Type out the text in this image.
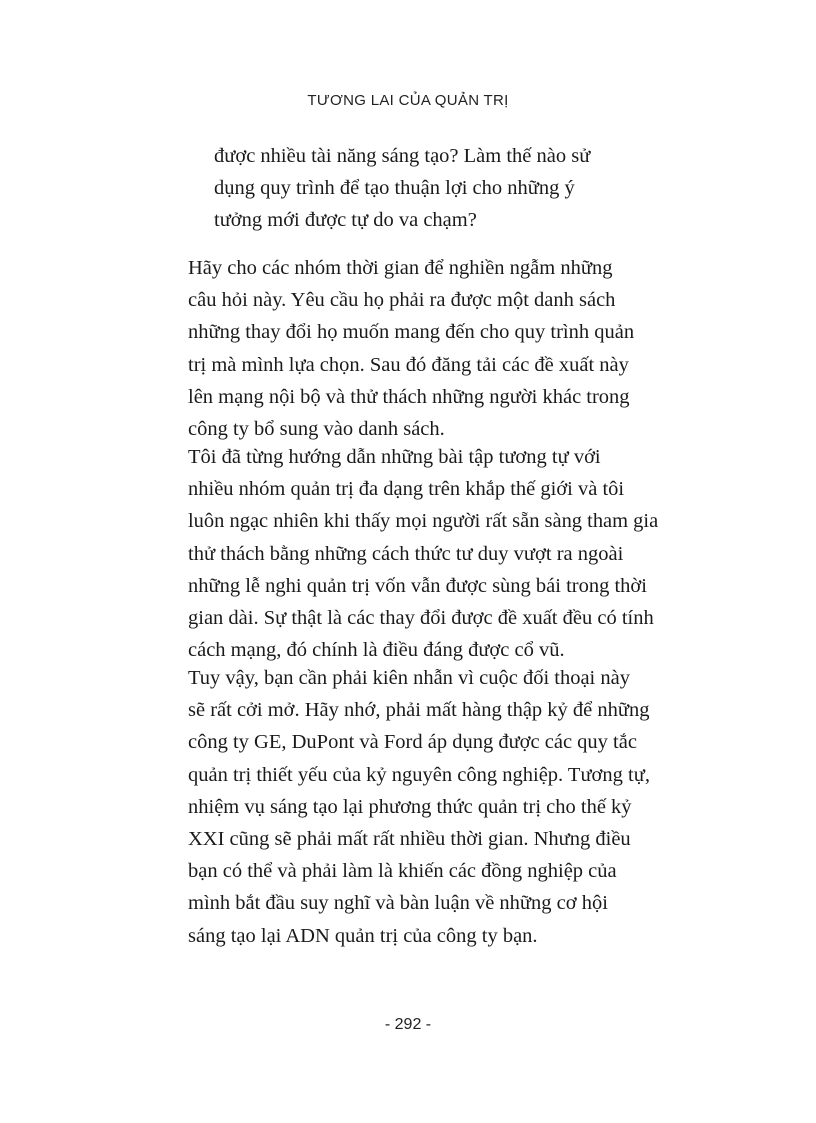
TƯƠNG LAI CỦA QUẢN TRỊ
được nhiều tài năng sáng tạo? Làm thế nào sử
dụng quy trình để tạo thuận lợi cho những ý
tưởng mới được tự do va chạm?
Hãy cho các nhóm thời gian để nghiền ngẫm những
câu hỏi này. Yêu cầu họ phải ra được một danh sách
những thay đổi họ muốn mang đến cho quy trình quản
trị mà mình lựa chọn. Sau đó đăng tải các đề xuất này
lên mạng nội bộ và thử thách những người khác trong
công ty bổ sung vào danh sách.
Tôi đã từng hướng dẫn những bài tập tương tự với
nhiều nhóm quản trị đa dạng trên khắp thế giới và tôi
luôn ngạc nhiên khi thấy mọi người rất sẵn sàng tham gia
thử thách bằng những cách thức tư duy vượt ra ngoài
những lễ nghi quản trị vốn vẫn được sùng bái trong thời
gian dài. Sự thật là các thay đổi được đề xuất đều có tính
cách mạng, đó chính là điều đáng được cổ vũ.
Tuy vậy, bạn cần phải kiên nhẫn vì cuộc đối thoại này
sẽ rất cởi mở. Hãy nhớ, phải mất hàng thập kỷ để những
công ty GE, DuPont và Ford áp dụng được các quy tắc
quản trị thiết yếu của kỷ nguyên công nghiệp. Tương tự,
nhiệm vụ sáng tạo lại phương thức quản trị cho thế kỷ
XXI cũng sẽ phải mất rất nhiều thời gian. Nhưng điều
bạn có thể và phải làm là khiến các đồng nghiệp của
mình bắt đầu suy nghĩ và bàn luận về những cơ hội
sáng tạo lại ADN quản trị của công ty bạn.
- 292 -
